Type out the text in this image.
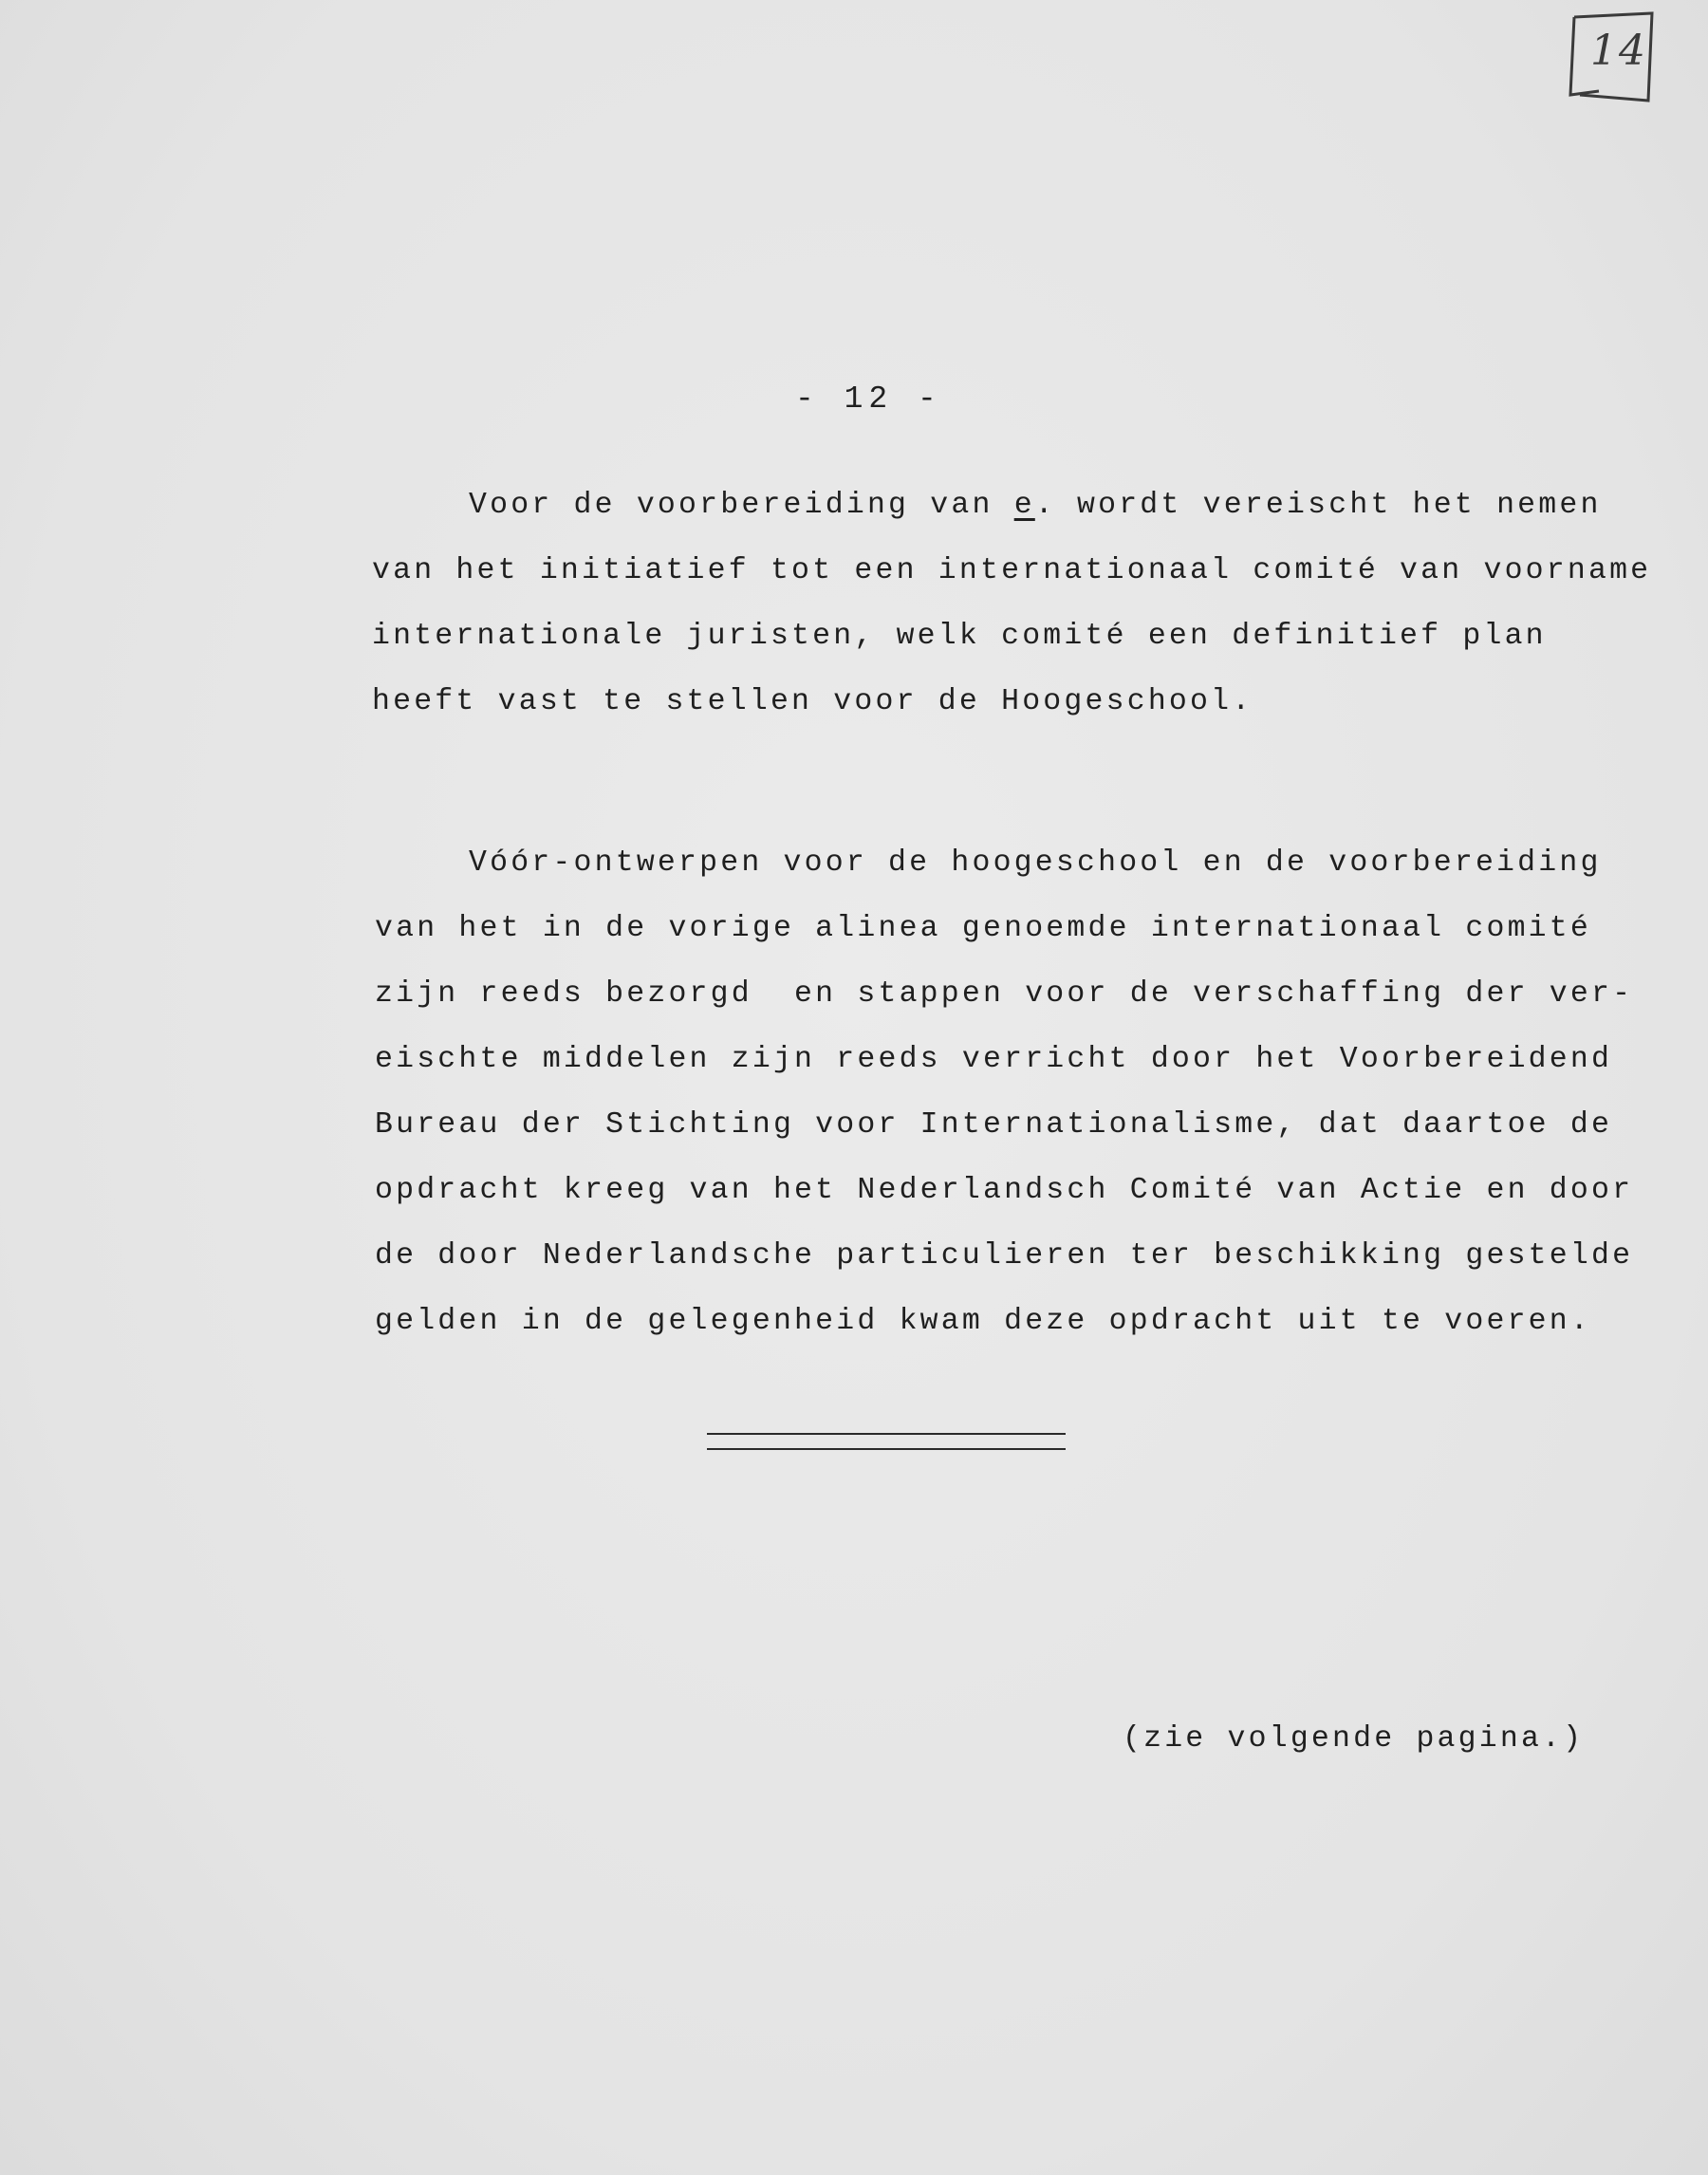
14
- 12 -
Voor de voorbereiding van e. wordt vereischt het nemen
van het initiatief tot een internationaal comité van voorname
internationale juristen, welk comité een definitief plan
heeft vast te stellen voor de Hoogeschool.
Vóór-ontwerpen voor de hoogeschool en de voorbereiding
van het in de vorige alinea genoemde internationaal comité
zijn reeds bezorgd  en stappen voor de verschaffing der ver-
eischte middelen zijn reeds verricht door het Voorbereidend
Bureau der Stichting voor Internationalisme, dat daartoe de
opdracht kreeg van het Nederlandsch Comité van Actie en door
de door Nederlandsche particulieren ter beschikking gestelde
gelden in de gelegenheid kwam deze opdracht uit te voeren.
(zie volgende pagina.)
